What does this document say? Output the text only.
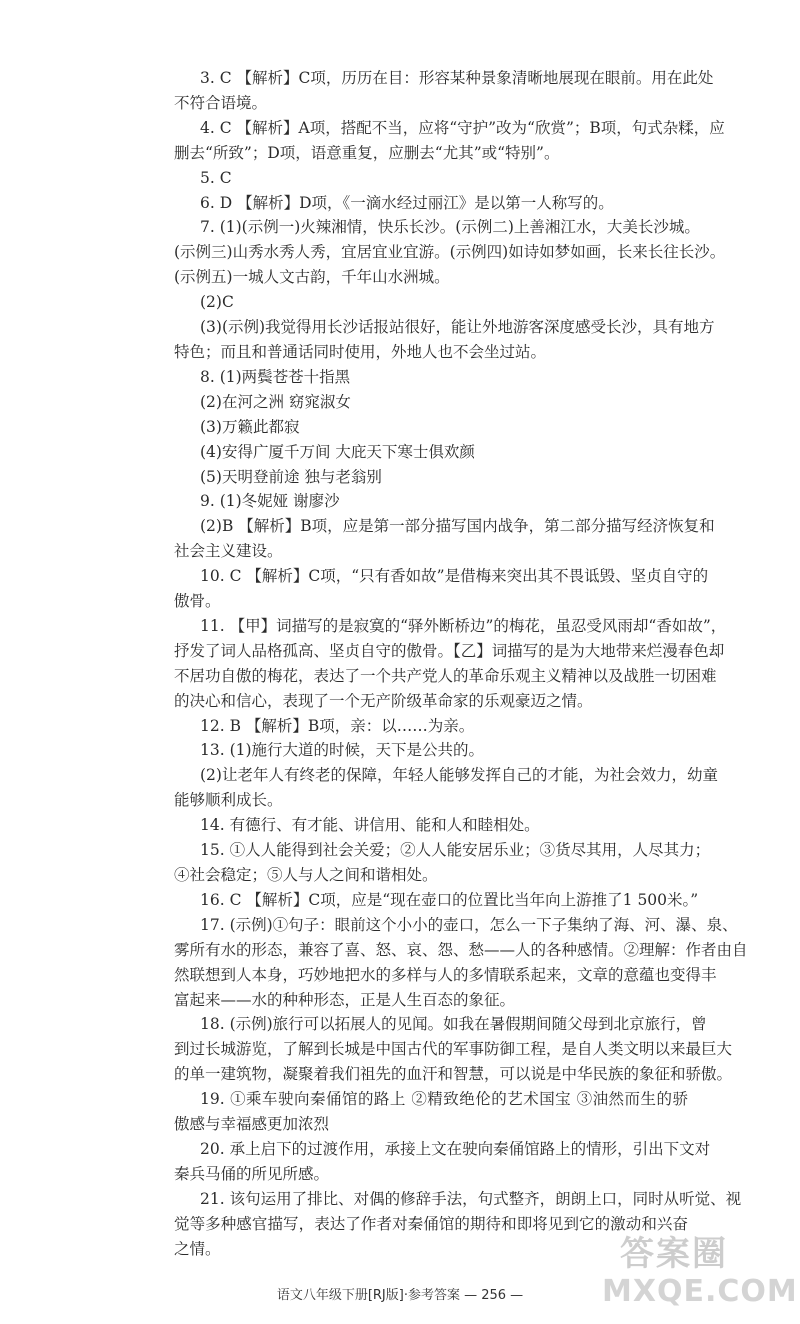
3. C 【解析】C项，历历在目：形容某种景象清晰地展现在眼前。用在此处
不符合语境。
4. C 【解析】A项，搭配不当，应将“守护”改为“欣赏”；B项，句式杂糅，应
删去“所致”；D项，语意重复，应删去“尤其”或“特别”。
5. C
6. D 【解析】D项，《一滴水经过丽江》是以第一人称写的。
7. (1)(示例一)火辣湘情，快乐长沙。(示例二)上善湘江水，大美长沙城。
(示例三)山秀水秀人秀，宜居宜业宜游。(示例四)如诗如梦如画，长来长往长沙。
(示例五)一城人文古韵，千年山水洲城。
(2)C
(3)(示例)我觉得用长沙话报站很好，能让外地游客深度感受长沙，具有地方
特色；而且和普通话同时使用，外地人也不会坐过站。
8. (1)两鬓苍苍十指黑
(2)在河之洲 窈窕淑女
(3)万籁此都寂
(4)安得广厦千万间 大庇天下寒士俱欢颜
(5)天明登前途 独与老翁别
9. (1)冬妮娅 谢廖沙
(2)B 【解析】B项，应是第一部分描写国内战争，第二部分描写经济恢复和
社会主义建设。
10. C 【解析】C项，“只有香如故”是借梅来突出其不畏诋毁、坚贞自守的
傲骨。
11. 【甲】词描写的是寂寞的“驿外断桥边”的梅花，虽忍受风雨却“香如故”，
抒发了词人品格孤高、坚贞自守的傲骨。【乙】词描写的是为大地带来烂漫春色却
不居功自傲的梅花，表达了一个共产党人的革命乐观主义精神以及战胜一切困难
的决心和信心，表现了一个无产阶级革命家的乐观豪迈之情。
12. B 【解析】B项，亲：以……为亲。
13. (1)施行大道的时候，天下是公共的。
(2)让老年人有终老的保障，年轻人能够发挥自己的才能，为社会效力，幼童
能够顺利成长。
14. 有德行、有才能、讲信用、能和人和睦相处。
15. ①人人能得到社会关爱；②人人能安居乐业；③货尽其用，人尽其力；
④社会稳定；⑤人与人之间和谐相处。
16. C 【解析】C项，应是“现在壶口的位置比当年向上游推了1 500米。”
17. (示例)①句子：眼前这个小小的壶口，怎么一下子集纳了海、河、瀑、泉、
雾所有水的形态，兼容了喜、怒、哀、怨、愁——人的各种感情。②理解：作者由自
然联想到人本身，巧妙地把水的多样与人的多情联系起来，文章的意蕴也变得丰
富起来——水的种种形态，正是人生百态的象征。
18. (示例)旅行可以拓展人的见闻。如我在暑假期间随父母到北京旅行，曾
到过长城游览，了解到长城是中国古代的军事防御工程，是自人类文明以来最巨大
的单一建筑物，凝聚着我们祖先的血汗和智慧，可以说是中华民族的象征和骄傲。
19. ①乘车驶向秦俑馆的路上 ②精致绝伦的艺术国宝 ③油然而生的骄
傲感与幸福感更加浓烈
20. 承上启下的过渡作用，承接上文在驶向秦俑馆路上的情形，引出下文对
秦兵马俑的所见所感。
21. 该句运用了排比、对偶的修辞手法，句式整齐，朗朗上口，同时从听觉、视
觉等多种感官描写，表达了作者对秦俑馆的期待和即将见到它的激动和兴奋
之情。
语文八年级下册[RJ版]·参考答案 — 256 —
答案圈
MXQE.COM
